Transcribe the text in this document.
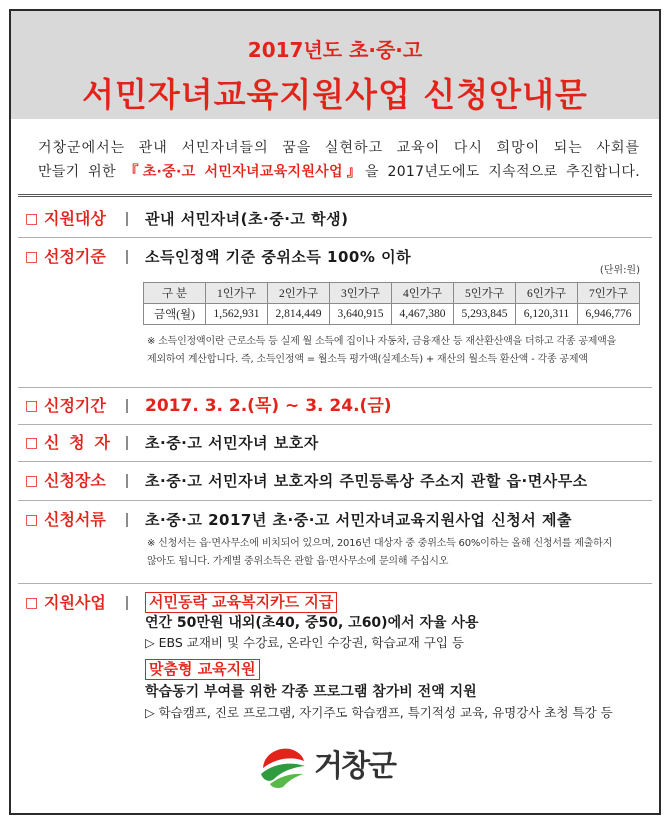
2017년도 초·중·고
서민자녀교육지원사업 신청안내문
거창군에서는 관내 서민자녀들의 꿈을 실현하고 교육이 다시 희망이 되는 사회를
만들기 위한 『초·중·고 서민자녀교육지원사업』을 2017년도에도 지속적으로 추진합니다.
□ 지원대상	관내 서민자녀(초·중·고 학생)
□ 선정기준	소득인정액 기준 중위소득 100% 이하
(단위:원)
구 분	1인가구	2인가구	3인가구	4인가구	5인가구	6인가구	7인가구
금액(월)	1,562,931	2,814,449	3,640,915	4,467,380	5,293,845	6,120,311	6,946,776
※ 소득인정액이란 근로소득 등 실제 월 소득에 집이나 자동차, 금융재산 등 재산환산액을 더하고 각종 공제액을
제외하여 계산합니다. 즉, 소득인정액 = 월소득 평가액(실제소득) + 재산의 월소득 환산액 - 각종 공제액
□ 신정기간 2017. 3. 2.(목) ~ 3. 24.(금)
□ 신 청 자 초·중·고 서민자녀 보호자
□ 신청장소	초·중·고 서민자녀 보호자의 주민등록상 주소지 관할 읍·면사무소
□ 신청서류	초·중·고 2017년 초·중·고 서민자녀교육지원사업 신청서 제출
※ 신청서는 읍·면사무소에 비치되어 있으며, 2016년 대상자 중 중위소득 60%이하는 올해 신청서를 제출하지
않아도 됩니다. 가계별 중위소득은 관할 읍·면사무소에 문의해 주십시오
□ 지원사업	서민동락 교육복지카드 지급
연간 50만원 내외(초40, 중50, 고60)에서 자율 사용
▷ EBS 교재비 및 수강료, 온라인 수강권, 학습교재 구입 등
맞춤형 교육지원
학습동기 부여를 위한 각종 프로그램 참가비 전액 지원
▷ 학습캠프, 진로 프로그램, 자기주도 학습캠프, 특기적성 교육, 유명강사 초청 특강 등
거창군
